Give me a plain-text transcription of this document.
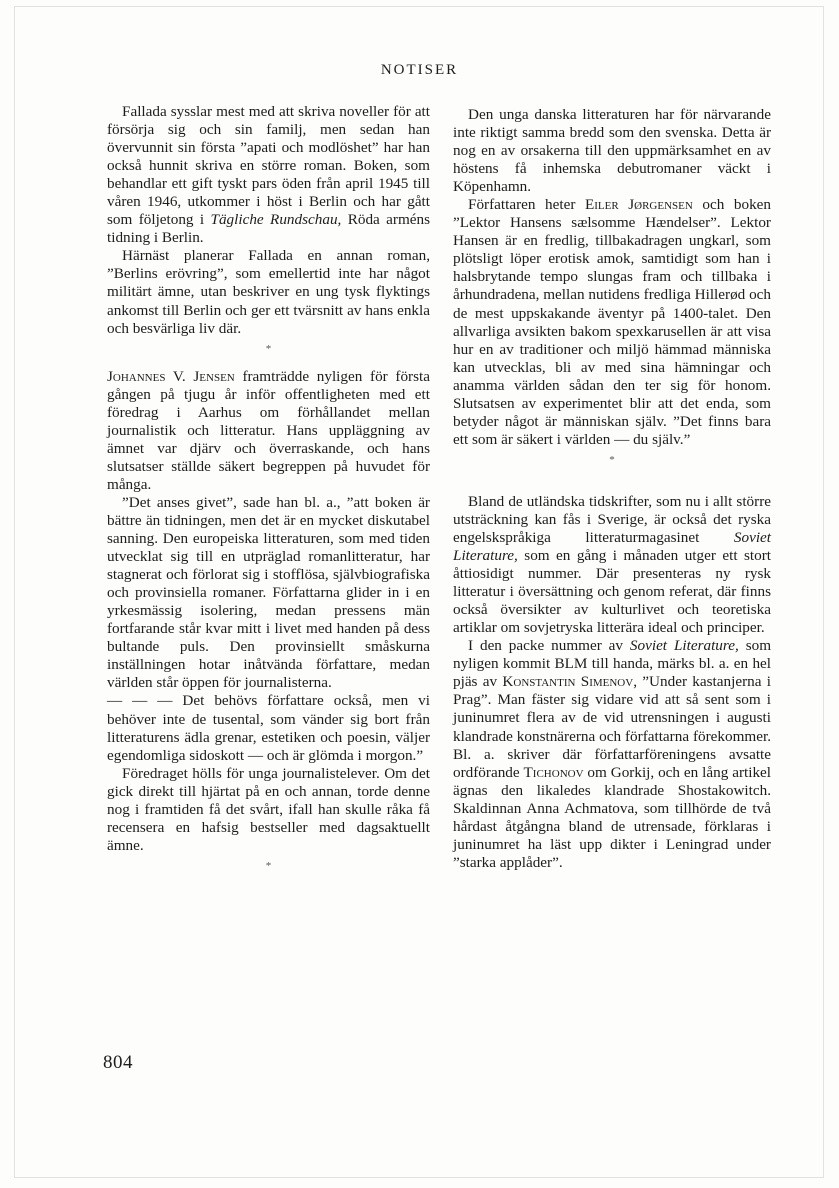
NOTISER

Fallada sysslar mest med att skriva noveller för att försörja sig och sin familj, men sedan han övervunnit sin första ”apati och modlöshet” har han också hunnit skriva en större roman. Boken, som behandlar ett gift tyskt pars öden från april 1945 till våren 1946, utkommer i höst i Berlin och har gått som följetong i Tägliche Rundschau, Röda arméns tidning i Berlin.

Härnäst planerar Fallada en annan roman, ”Berlins erövring”, som emellertid inte har något militärt ämne, utan beskriver en ung tysk flyktings ankomst till Berlin och ger ett tvärsnitt av hans enkla och besvärliga liv där.

*

Johannes V. Jensen framträdde nyligen för första gången på tjugu år inför offentligheten med ett föredrag i Aarhus om förhållandet mellan journalistik och litteratur. Hans uppläggning av ämnet var djärv och överraskande, och hans slutsatser ställde säkert begreppen på huvudet för många.

”Det anses givet”, sade han bl. a., ”att boken är bättre än tidningen, men det är en mycket diskutabel sanning. Den europeiska litteraturen, som med tiden utvecklat sig till en utpräglad romanlitteratur, har stagnerat och förlorat sig i stofflösa, självbiografiska och provinsiella romaner. Författarna glider in i en yrkesmässig isolering, medan pressens män fortfarande står kvar mitt i livet med handen på dess bultande puls. Den provinsiellt småskurna inställningen hotar inåtvända författare, medan världen står öppen för journalisterna.

— — — Det behövs författare också, men vi behöver inte de tusental, som vänder sig bort från litteraturens ädla grenar, estetiken och poesin, väljer egendomliga sidoskott — och är glömda i morgon.”

Föredraget hölls för unga journalistelever. Om det gick direkt till hjärtat på en och annan, torde denne nog i framtiden få det svårt, ifall han skulle råka få recensera en hafsig bestseller med dagsaktuellt ämne.

*

Den unga danska litteraturen har för närvarande inte riktigt samma bredd som den svenska. Detta är nog en av orsakerna till den uppmärksamhet en av höstens få inhemska debutromaner väckt i Köpenhamn.

Författaren heter Eiler Jørgensen och boken ”Lektor Hansens sælsomme Hændelser”. Lektor Hansen är en fredlig, tillbakadragen ungkarl, som plötsligt löper erotisk amok, samtidigt som han i halsbrytande tempo slungas fram och tillbaka i århundradena, mellan nutidens fredliga Hillerød och de mest uppskakande äventyr på 1400-talet. Den allvarliga avsikten bakom spexkarusellen är att visa hur en av traditioner och miljö hämmad människa kan utvecklas, bli av med sina hämningar och anamma världen sådan den ter sig för honom. Slutsatsen av experimentet blir att det enda, som betyder något är människan själv. ”Det finns bara ett som är säkert i världen — du själv.”

*

Bland de utländska tidskrifter, som nu i allt större utsträckning kan fås i Sverige, är också det ryska engelskspråkiga litteraturmagasinet Soviet Literature, som en gång i månaden utger ett stort åttiosidigt nummer. Där presenteras ny rysk litteratur i översättning och genom referat, där finns också översikter av kulturlivet och teoretiska artiklar om sovjetryska litterära ideal och principer.

I den packe nummer av Soviet Literature, som nyligen kommit BLM till handa, märks bl. a. en hel pjäs av Konstantin Simenov, ”Under kastanjerna i Prag”. Man fäster sig vidare vid att så sent som i juninumret flera av de vid utrensningen i augusti klandrade konstnärerna och författarna förekommer. Bl. a. skriver där författarföreningens avsatte ordförande Tichonov om Gorkij, och en lång artikel ägnas den likaledes klandrade Shostakowitch. Skaldinnan Anna Achmatova, som tillhörde de två hårdast åtgångna bland de utrensade, förklaras i juninumret ha läst upp dikter i Leningrad under ”starka applåder”.

804
